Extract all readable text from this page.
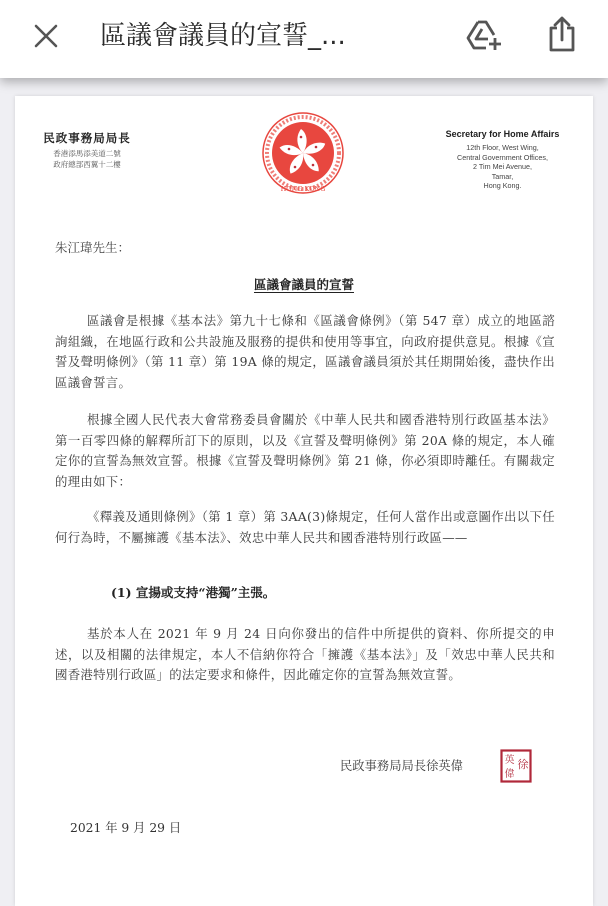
區議會議員的宣誓_...
民政事務局局長
香港添馬添美道二號
政府總部西翼十二樓
HONG KONG
Secretary for Home Affairs
12th Floor, West Wing,
Central Government Offices,
2 Tim Mei Avenue,
Tamar,
Hong Kong.
朱江瑋先生：
區議會議員的宣誓
區議會是根據《基本法》第九十七條和《區議會條例》（第 547 章）成立的地區諮詢組織，在地區行政和公共設施及服務的提供和使用等事宜，向政府提供意見。根據《宣誓及聲明條例》（第 11 章）第 19A 條的規定，區議會議員須於其任期開始後，盡快作出區議會誓言。
根據全國人民代表大會常務委員會關於《中華人民共和國香港特別行政區基本法》第一百零四條的解釋所訂下的原則，以及《宣誓及聲明條例》第 20A 條的規定，本人確定你的宣誓為無效宣誓。根據《宣誓及聲明條例》第 21 條，你必須即時離任。有關裁定的理由如下：
《釋義及通則條例》（第 1 章）第 3AA(3)條規定，任何人當作出或意圖作出以下任何行為時，不屬擁護《基本法》、效忠中華人民共和國香港特別行政區——
(1) 宣揚或支持“港獨”主張。
基於本人在 2021 年 9 月 24 日向你發出的信件中所提供的資料、你所提交的申述，以及相關的法律規定，本人不信納你符合「擁護《基本法》」及「效忠中華人民共和國香港特別行政區」的法定要求和條件，因此確定你的宣誓為無效宣誓。
民政事務局局長徐英偉	徐
英
偉
2021 年 9 月 29 日
